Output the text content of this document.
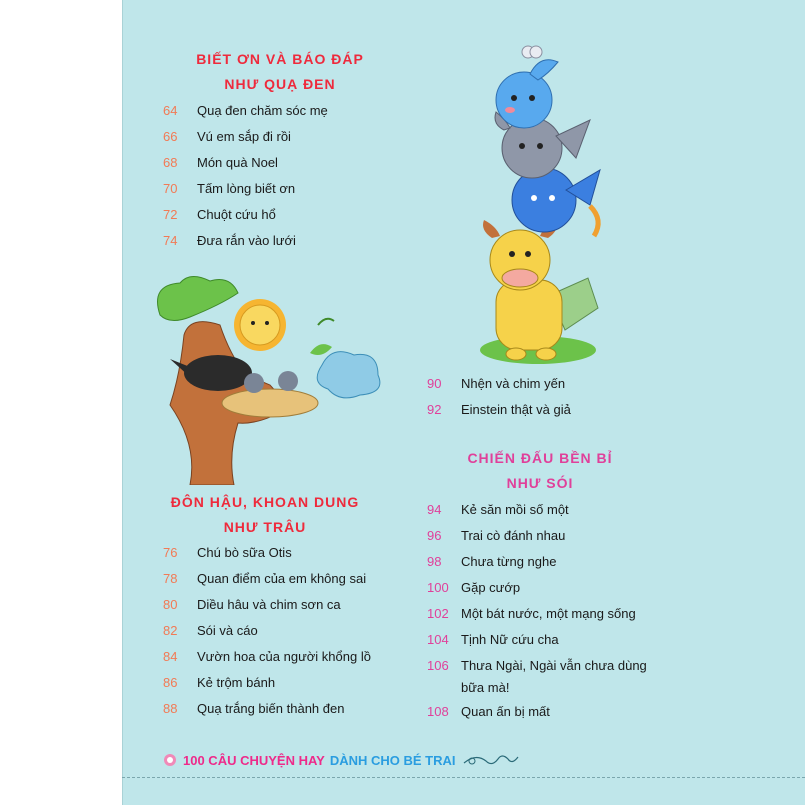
BIẾT ƠN VÀ BÁO ĐÁP
NHƯ QUẠ ĐEN
64	Quạ đen chăm sóc mẹ
66	Vú em sắp đi rồi
68	Món quà Noel
70	Tấm lòng biết ơn
72	Chuột cứu hổ
74	Đưa rắn vào lưới
ĐÔN HẬU, KHOAN DUNG
NHƯ TRÂU
76	Chú bò sữa Otis
78	Quan điểm của em không sai
80	Diều hâu và chim sơn ca
82	Sói và cáo
84	Vườn hoa của người khổng lồ
86	Kẻ trộm bánh
88	Quạ trắng biến thành đen
90	Nhện và chim yến
92	Einstein thật và giả
CHIẾN ĐẤU BỀN BỈ
NHƯ SÓI
94	Kẻ săn mồi số một
96	Trai cò đánh nhau
98	Chưa từng nghe
100 Gặp cướp
102 Một bát nước, một mạng sống
104 Tịnh Nữ cứu cha
106 Thưa Ngài, Ngài vẫn chưa dùng
bữa mà!
108 Quan ấn bị mất
100 CÂU CHUYỆN HAY DÀNH CHO BÉ TRAI
